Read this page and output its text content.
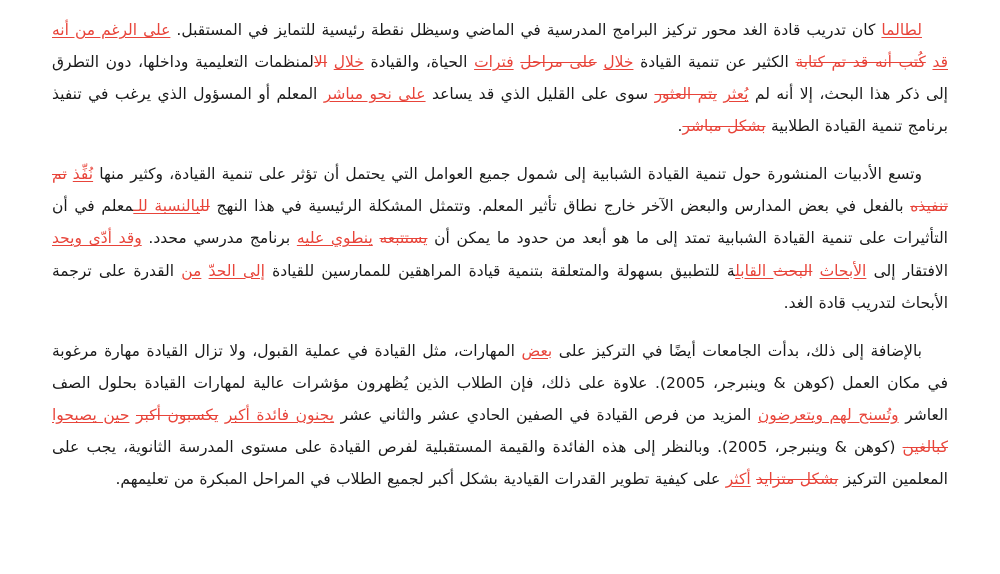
لطالما كان تدريب قادة الغد محور تركيز البرامج المدرسية في الماضي وسيظل نقطة رئيسية للتمايز في المستقبل. على الرغم من أنه قد كُتب أنه قد تم كتابة الكثير عن تنمية القيادة خلال على مراحل فترات الحياة، والقيادة خلال الالمنظمات التعليمية وداخلها، دون التطرق إلى ذكر هذا البحث، إلا أنه لم يُعثر يتم العثور سوى على القليل الذي قد يساعد على نحو مباشر المعلم أو المسؤول الذي يرغب في تنفيذ برنامج تنمية القيادة الطلابية بشكل مباشر.

وتسع الأدبيات المنشورة حول تنمية القيادة الشبابية إلى شمول جميع العوامل التي يحتمل أن تؤثر على تنمية القيادة، وكثير منها نُفِّذ تم تنفيذه بالفعل في بعض المدارس والبعض الآخر خارج نطاق تأثير المعلم. وتتمثل المشكلة الرئيسية في هذا النهج للبالنسبة للـمعلم في أن التأثيرات على تنمية القيادة الشبابية تمتد إلى ما هو أبعد من حدود ما يمكن أن يستتبعه ينطوي عليه برنامج مدرسي محدد. وقد أدّى ويحد الافتقار إلى الأبحاث البحث القابلة للتطبيق بسهولة والمتعلقة بتنمية قيادة المراهقين للممارسين للقيادة إلى الحدّ من القدرة على ترجمة الأبحاث لتدريب قادة الغد.

بالإضافة إلى ذلك، بدأت الجامعات أيضًا في التركيز على بعض المهارات، مثل القيادة في عملية القبول، ولا تزال القيادة مهارة مرغوبة في مكان العمل (كوهن & وينبرجر، 2005). علاوة على ذلك، فإن الطلاب الذين يُظهرون مؤشرات عالية لمهارات القيادة بحلول الصف العاشر وتُسنح لهم ويتعرضون المزيد من فرص القيادة في الصفين الحادي عشر والثاني عشر يجنون فائدة أكبر يكسبون أكبر حين يصبحوا كبالغين (كوهن & وينبرجر، 2005). وبالنظر إلى هذه الفائدة والقيمة المستقبلية لفرص القيادة على مستوى المدرسة الثانوية، يجب على المعلمين التركيز بشكل متزايد أكثر على كيفية تطوير القدرات القيادية بشكل أكبر لجميع الطلاب في المراحل المبكرة من تعليمهم.
